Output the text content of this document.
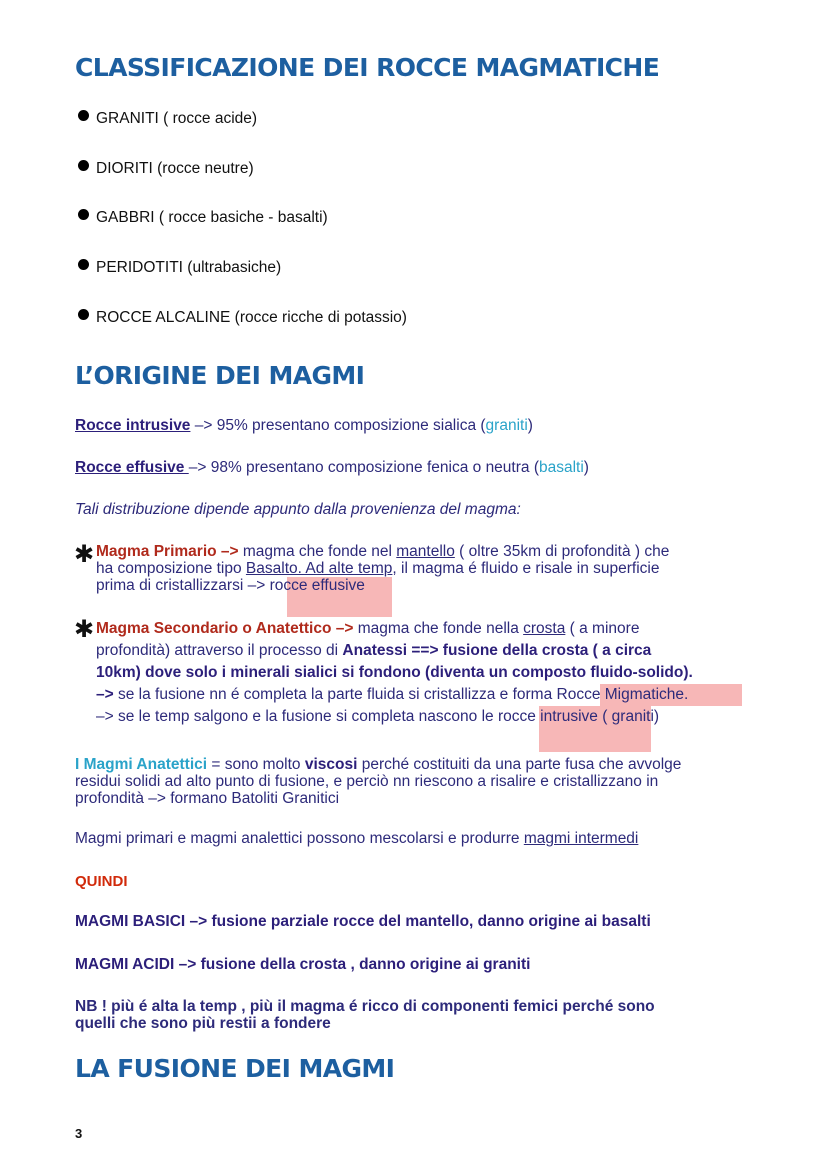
CLASSIFICAZIONE DEI ROCCE MAGMATICHE
GRANITI ( rocce acide)
DIORITI (rocce neutre)
GABBRI ( rocce basiche - basalti)
PERIDOTITI (ultrabasiche)
ROCCE ALCALINE (rocce ricche di potassio)
L’ORIGINE DEI MAGMI
Rocce intrusive –> 95% presentano composizione sialica (graniti)
Rocce effusive –> 98% presentano composizione fenica o neutra (basalti)
Tali distribuzione dipende appunto dalla provenienza del magma:
✱ Magma Primario –> magma che fonde nel mantello ( oltre 35km di profondità ) che
ha composizione tipo Basalto. Ad alte temp, il magma é fluido e risale in superficie
prima di cristallizzarsi –> rocce effusive
✱ Magma Secondario o Anatettico –> magma che fonde nella crosta ( a minore
profondità) attraverso il processo di Anatessi ==> fusione della crosta ( a circa
10km) dove solo i minerali sialici si fondono (diventa un composto fluido-solido).
–> se la fusione nn é completa la parte fluida si cristallizza e forma Rocce Migmatiche.
–> se le temp salgono e la fusione si completa nascono le rocce intrusive ( graniti)
I Magmi Anatettici = sono molto viscosi perché costituiti da una parte fusa che avvolge
residui solidi ad alto punto di fusione, e perciò nn riescono a risalire e cristallizzano in
profondità –> formano Batoliti Granitici
Magmi primari e magmi analettici possono mescolarsi e produrre magmi intermedi
QUINDI
MAGMI BASICI –> fusione parziale rocce del mantello, danno origine ai basalti
MAGMI ACIDI –> fusione della crosta , danno origine ai graniti
NB ! più é alta la temp , più il magma é ricco di componenti femici perché sono
quelli che sono più restii a fondere
LA FUSIONE DEI MAGMI
3
